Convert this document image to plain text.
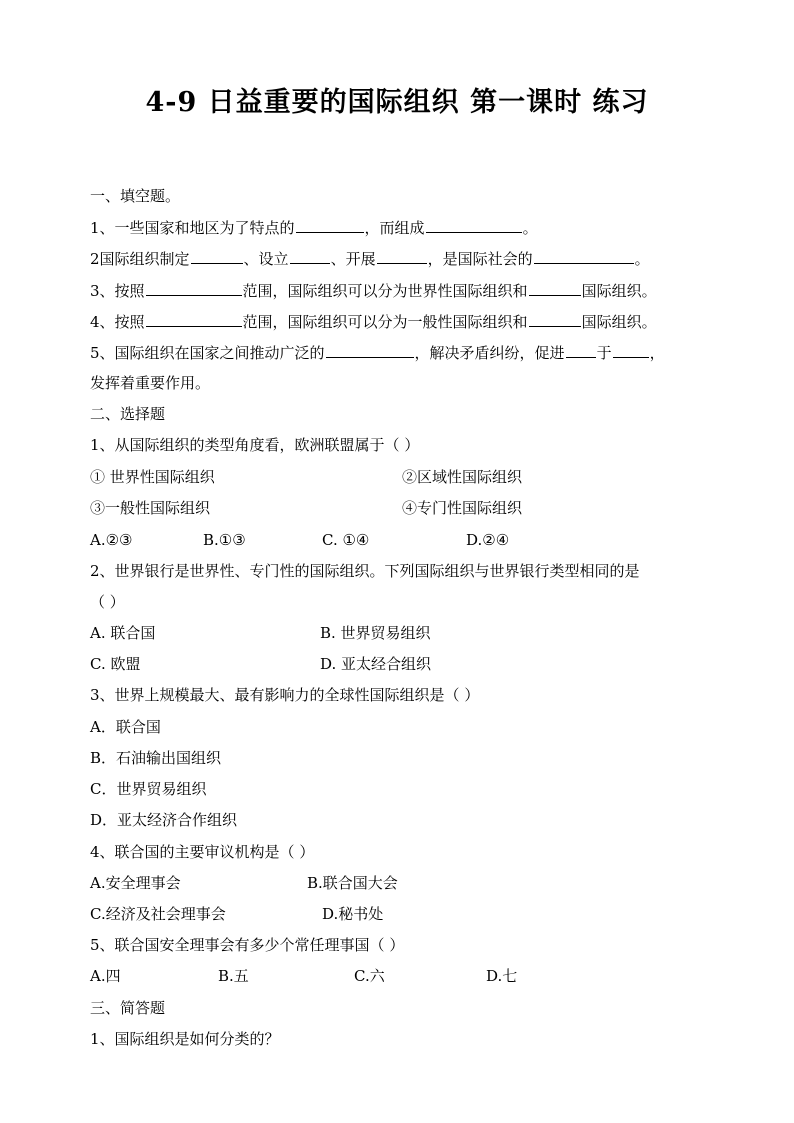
4-9 日益重要的国际组织 第一课时 练习
一、填空题。
1、一些国家和地区为了特点的	，而组成	。
2国际组织制定	、设立	、开展	，是国际社会的	。
3、按照	范围，国际组织可以分为世界性国际组织和	国际组织。
4、按照	范围，国际组织可以分为一般性国际组织和	国际组织。
5、国际组织在国家之间推动广泛的	，解决矛盾纠纷，促进 于	，
发挥着重要作用。
二、选择题
1、从国际组织的类型角度看，欧洲联盟属于（ ）
① 世界性国际组织	②区域性国际组织
③一般性国际组织	④专门性国际组织
A.②③	B.①③	C. ①④	D.②④
2、世界银行是世界性、专门性的国际组织。下列国际组织与世界银行类型相同的是
（ ）
A. 联合国	B. 世界贸易组织
C. 欧盟	D. 亚太经合组织
3、世界上规模最大、最有影响力的全球性国际组织是（ ）
A．联合国
B．石油输出国组织
C．世界贸易组织
D．亚太经济合作组织
4、联合国的主要审议机构是（ ）
A.安全理事会	B.联合国大会
C.经济及社会理事会	D.秘书处
5、联合国安全理事会有多少个常任理事国（ ）
A.四	B.五	C.六	D.七
三、简答题
1、国际组织是如何分类的？
